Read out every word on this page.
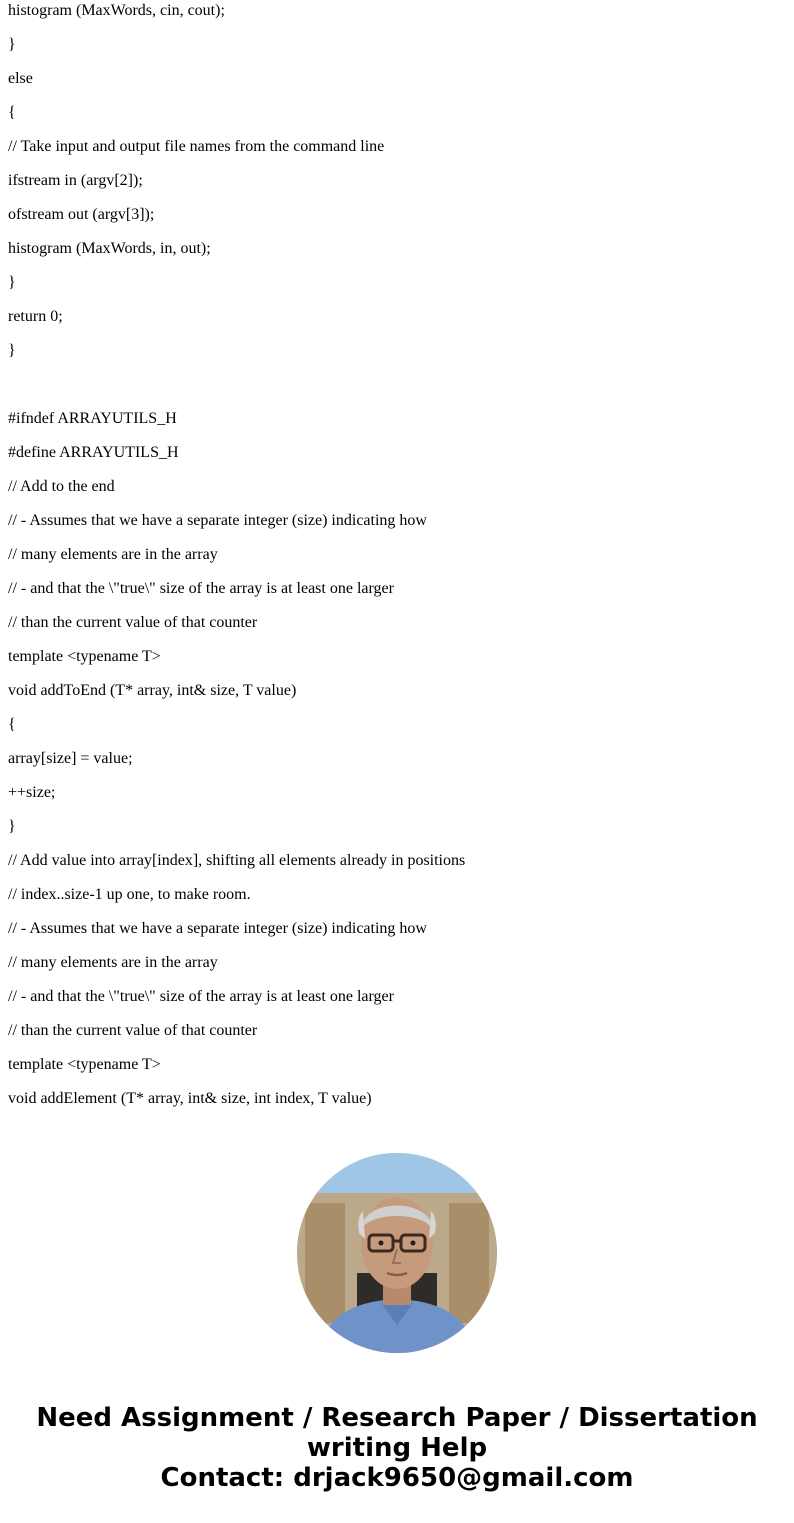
histogram (MaxWords, cin, cout);
}
else
{
// Take input and output file names from the command line
ifstream in (argv[2]);
ofstream out (argv[3]);
histogram (MaxWords, in, out);
}
return 0;
}
#ifndef ARRAYUTILS_H
#define ARRAYUTILS_H
// Add to the end
// - Assumes that we have a separate integer (size) indicating how
// many elements are in the array
// - and that the \"true\" size of the array is at least one larger
// than the current value of that counter
template <typename T>
void addToEnd (T* array, int& size, T value)
{
array[size] = value;
++size;
}
// Add value into array[index], shifting all elements already in positions
// index..size-1 up one, to make room.
// - Assumes that we have a separate integer (size) indicating how
// many elements are in the array
// - and that the \"true\" size of the array is at least one larger
// than the current value of that counter
template <typename T>
void addElement (T* array, int& size, int index, T value)
Need Assignment / Research Paper / Dissertation
writing Help
Contact: drjack9650@gmail.com
